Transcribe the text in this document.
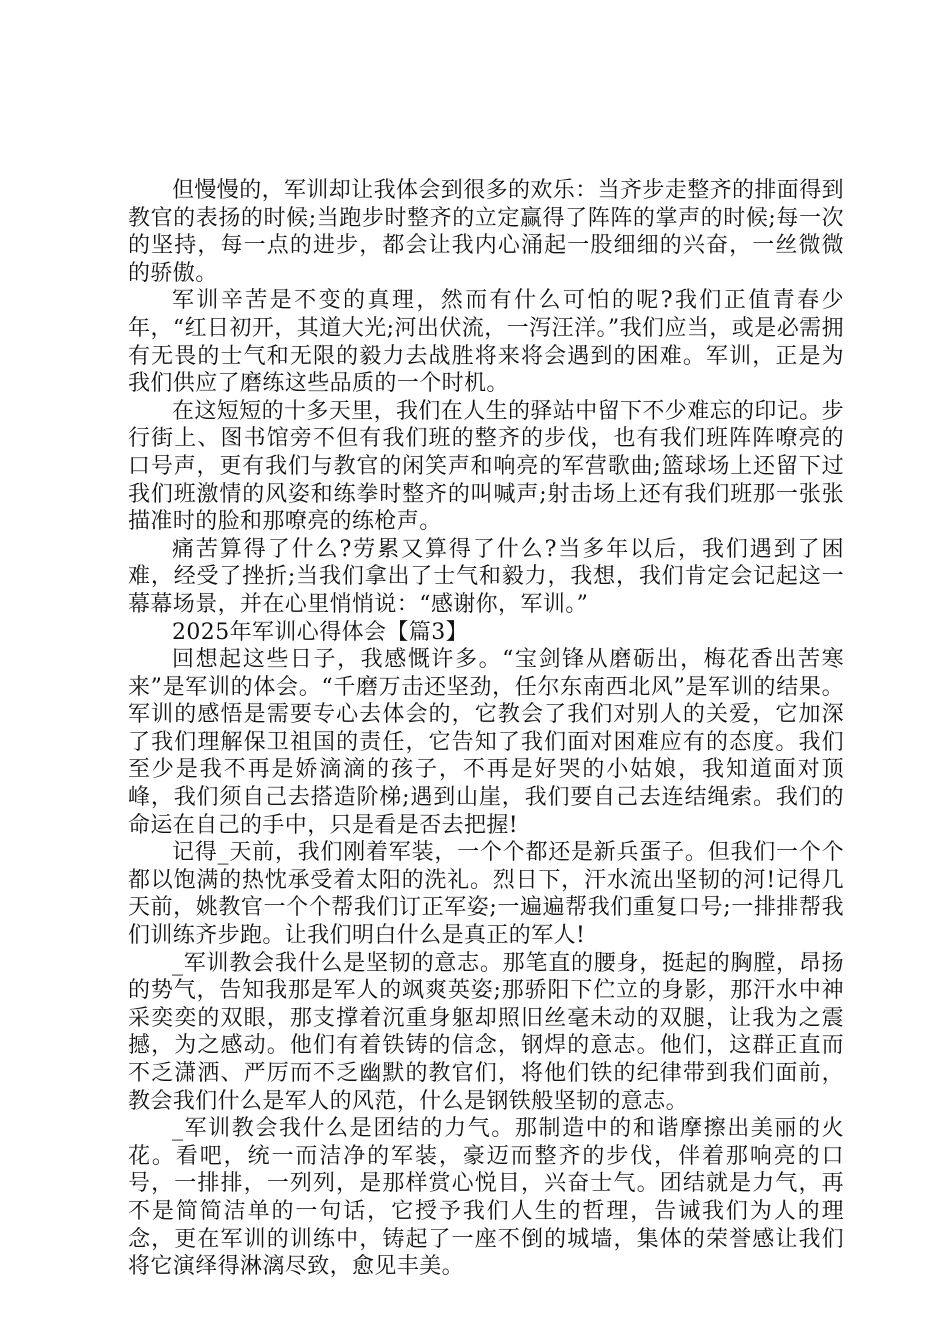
但慢慢的，军训却让我体会到很多的欢乐：当齐步走整齐的排面得到教官的表扬的时候;当跑步时整齐的立定赢得了阵阵的掌声的时候;每一次的坚持，每一点的进步，都会让我内心涌起一股细细的兴奋，一丝微微的骄傲。

军训辛苦是不变的真理，然而有什么可怕的呢?我们正值青春少年，“红日初开，其道大光;河出伏流，一泻汪洋。”我们应当，或是必需拥有无畏的士气和无限的毅力去战胜将来将会遇到的困难。军训，正是为我们供应了磨练这些品质的一个时机。

在这短短的十多天里，我们在人生的驿站中留下不少难忘的印记。步行街上、图书馆旁不但有我们班的整齐的步伐，也有我们班阵阵嘹亮的口号声，更有我们与教官的闲笑声和响亮的军营歌曲;篮球场上还留下过我们班激情的风姿和练拳时整齐的叫喊声;射击场上还有我们班那一张张描准时的脸和那嘹亮的练枪声。

痛苦算得了什么?劳累又算得了什么?当多年以后，我们遇到了困难，经受了挫折;当我们拿出了士气和毅力，我想，我们肯定会记起这一幕幕场景，并在心里悄悄说：“感谢你，军训。”

2025年军训心得体会【篇3】

回想起这些日子，我感慨许多。“宝剑锋从磨砺出，梅花香出苦寒来”是军训的体会。“千磨万击还坚劲，任尔东南西北风”是军训的结果。军训的感悟是需要专心去体会的，它教会了我们对别人的关爱，它加深了我们理解保卫祖国的责任，它告知了我们面对困难应有的态度。我们至少是我不再是娇滴滴的孩子，不再是好哭的小姑娘，我知道面对顶峰，我们须自己去搭造阶梯;遇到山崖，我们要自己去连结绳索。我们的命运在自己的手中，只是看是否去把握!

记得_天前，我们刚着军装，一个个都还是新兵蛋子。但我们一个个都以饱满的热忱承受着太阳的洗礼。烈日下，汗水流出坚韧的河!记得几天前，姚教官一个个帮我们订正军姿;一遍遍帮我们重复口号;一排排帮我们训练齐步跑。让我们明白什么是真正的军人!

_军训教会我什么是坚韧的意志。那笔直的腰身，挺起的胸膛，昂扬的势气，告知我那是军人的飒爽英姿;那骄阳下伫立的身影，那汗水中神采奕奕的双眼，那支撑着沉重身躯却照旧丝毫未动的双腿，让我为之震撼，为之感动。他们有着铁铸的信念，钢焊的意志。他们，这群正直而不乏潇洒、严厉而不乏幽默的教官们，将他们铁的纪律带到我们面前，教会我们什么是军人的风范，什么是钢铁般坚韧的意志。

_军训教会我什么是团结的力气。那制造中的和谐摩擦出美丽的火花。看吧，统一而洁净的军装，豪迈而整齐的步伐，伴着那响亮的口号，一排排，一列列，是那样赏心悦目，兴奋士气。团结就是力气，再不是简简洁单的一句话，它授予我们人生的哲理，告诫我们为人的理念，更在军训的训练中，铸起了一座不倒的城墙，集体的荣誉感让我们将它演绎得淋漓尽致，愈见丰美。
